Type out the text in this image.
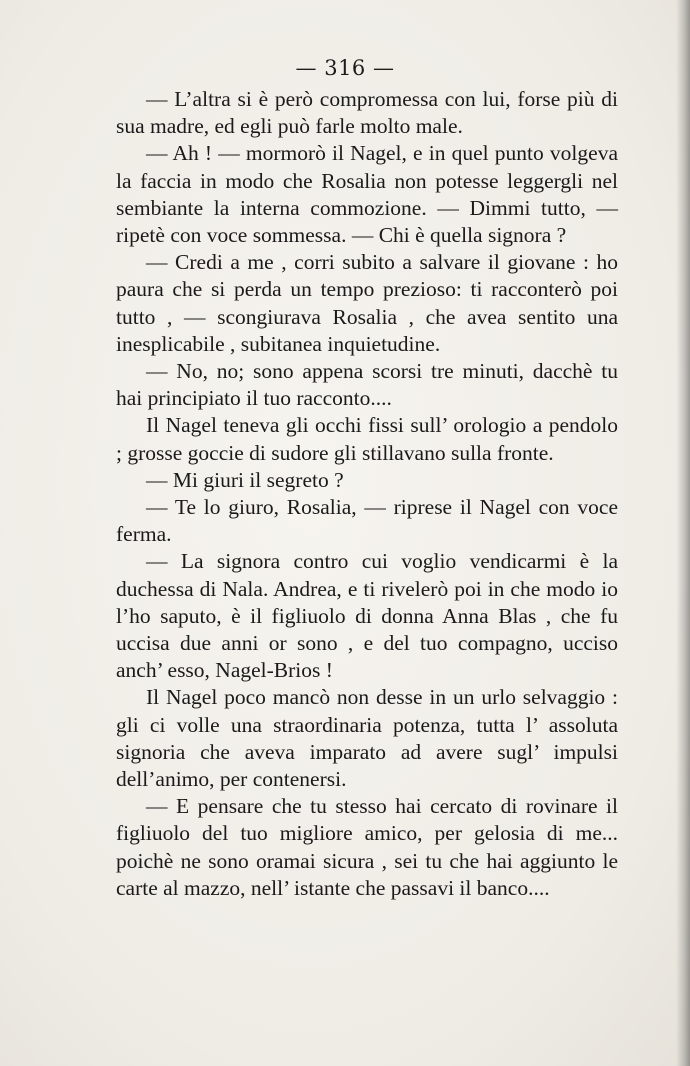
— 316 —

— L’altra si è però compromessa con lui, forse più di sua madre, ed egli può farle molto male.

— Ah ! — mormorò il Nagel, e in quel punto volgeva la faccia in modo che Rosalia non potesse leggergli nel sembiante la interna commozione. — Dimmi tutto, — ripetè con voce sommessa. — Chi è quella signora ?

— Credi a me , corri subito a salvare il giovane : ho paura che si perda un tempo prezioso: ti racconterò poi tutto , — scongiurava Rosalia , che avea sentito una inesplicabile , subitanea inquietudine.

— No, no; sono appena scorsi tre minuti, dacchè tu hai principiato il tuo racconto....

Il Nagel teneva gli occhi fissi sull’ orologio a pendolo ; grosse goccie di sudore gli stillavano sulla fronte.

— Mi giuri il segreto ?

— Te lo giuro, Rosalia, — riprese il Nagel con voce ferma.

— La signora contro cui voglio vendicarmi è la duchessa di Nala. Andrea, e ti rivelerò poi in che modo io l’ho saputo, è il figliuolo di donna Anna Blas , che fu uccisa due anni or sono , e del tuo compagno, ucciso anch’ esso, Nagel-Brios !

Il Nagel poco mancò non desse in un urlo selvaggio : gli ci volle una straordinaria potenza, tutta l’ assoluta signoria che aveva imparato ad avere sugl’ impulsi dell’animo, per contenersi.

— E pensare che tu stesso hai cercato di rovinare il figliuolo del tuo migliore amico, per gelosia di me... poichè ne sono oramai sicura , sei tu che hai aggiunto le carte al mazzo, nell’ istante che passavi il banco....
